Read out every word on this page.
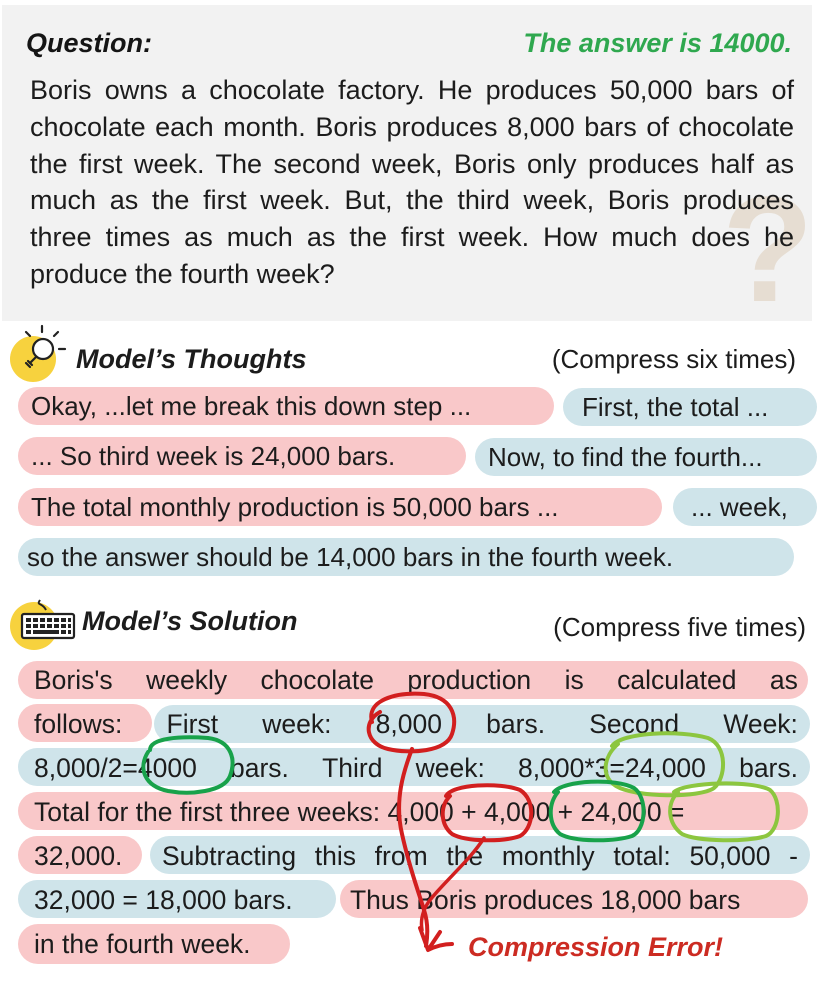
?
Question:	The answer is 14000.
Boris owns a chocolate factory. He produces 50,000 bars of chocolate each month. Boris produces 8,000 bars of chocolate the first week. The second week, Boris only produces half as much as the first week. But, the third week, Boris produces three times as much as the first week. How much does he produce the fourth week?
Model’s Thoughts	(Compress six times)
Okay, ...let me break this down step ...	First, the total ...
... So third week is 24,000 bars.	Now, to find the fourth...
The total monthly production is 50,000 bars ...	... week,
so the answer should be 14,000 bars in the fourth week.
Model’s Solution	(Compress five times)
Boris's weekly chocolate production is calculated as
follows: First week: 8,000 bars. Second Week:
8,000/2=4000 bars. Third week: 8,000*3=24,000 bars.
Total for the first three weeks: 4,000 + 4,000 + 24,000 =
32,000. Subtracting this from the monthly total: 50,000 -
32,000 = 18,000 bars. Thus Boris produces 18,000 bars
in the fourth week.	Compression Error!
